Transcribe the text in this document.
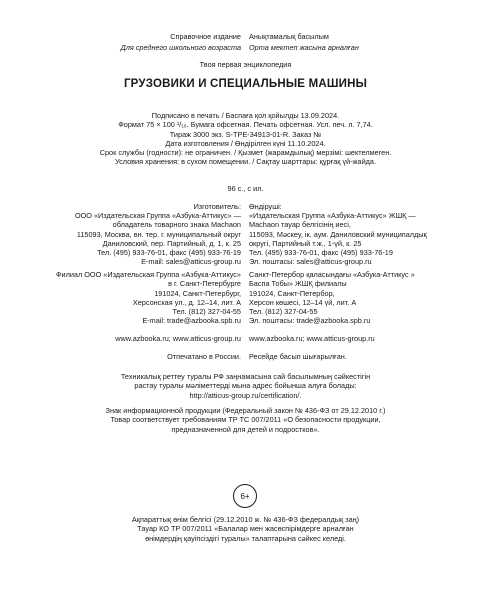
Справочное издание Анықтамалық басылым
Для среднего школьного возраста Орта мектеп жасына арналған
Твоя первая энциклопедия
ГРУЗОВИКИ И СПЕЦИАЛЬНЫЕ МАШИНЫ
Подписано в печать / Баспаға қол қойылды 13.09.2024.
Формат 75 × 100 ¹/₁₆. Бумага офсетная. Печать офсетная. Усл. печ. л. 7,74.
Тираж 3000 экз. S-TPE-34913-01-R. Заказ №
Дата изготовления / Өндірілген күні 11.10.2024.
Срок службы (годности): не ограничен. / Қызмет (жарамдылық) мерзімі: шектелмеген.
Условия хранения: в сухом помещении. / Сақтау шарттары: құрғақ үй-жайда.
96 с., с ил.
Изготовитель: Өндіруші:
ООО «Издательская Группа «Азбука-Аттикус» —
обладатель товарного знака Machaon
115093, Москва, вн. тер. г. муниципальный округ
Даниловский, пер. Партийный, д. 1, к. 25
Тел. (495) 933-76-01, факс (495) 933-76-19
E-mail: sales@atticus-group.ru
«Издательская Группа «Азбука-Аттикус» ЖШҚ —
Machaon тауар белгісінің иесі,
115093, Мәскеу, ік. аум. Даниловский муниципалдық
округі, Партийный т.ж., 1-үй, к. 25
Тел. (495) 933-76-01, факс (495) 933-76-19
Эл. поштасы: sales@atticus-group.ru
Филиал ООО «Издательская Группа «Азбука-Аттикус»
в г. Санкт-Петербурге
191024, Санкт-Петербург,
Херсонская ул., д. 12–14, лит. А
Тел. (812) 327-04-55
E-mail: trade@azbooka.spb.ru
Санкт-Петербор қаласындағы «Азбука-Аттикус »
Баспа Тобы» ЖШҚ филиалы
191024, Санкт-Петербор,
Херсон көшесі, 12–14 үй, лит. А
Тел. (812) 327-04-55
Эл. поштасы: trade@azbooka.spb.ru
www.azbooka.ru; www.atticus-group.ru www.azbooka.ru; www.atticus-group.ru
Отпечатано в России. Ресейде басып шығарылған.
Техникалық реттеу туралы РФ заңнамасына сай басылымның сәйкестігін
растау туралы мәліметтерді мына адрес бойынша алуға болады:
http://atticus-group.ru/certification/.
Знак информационной продукции (Федеральный закон № 436-ФЗ от 29.12.2010 г.)
Товар соответствует требованиям ТР ТС 007/2011 «О безопасности продукции,
предназначенной для детей и подростков».
6+
Ақпараттық өнім белгісі (29.12.2010 ж. № 436-ФЗ федералдық заң)
Тауар КО ТР 007/2011 «Балалар мен жасөспірімдерге арналған
өнімдердің қауіпсіздігі туралы» талаптарына сәйкес келеді.
